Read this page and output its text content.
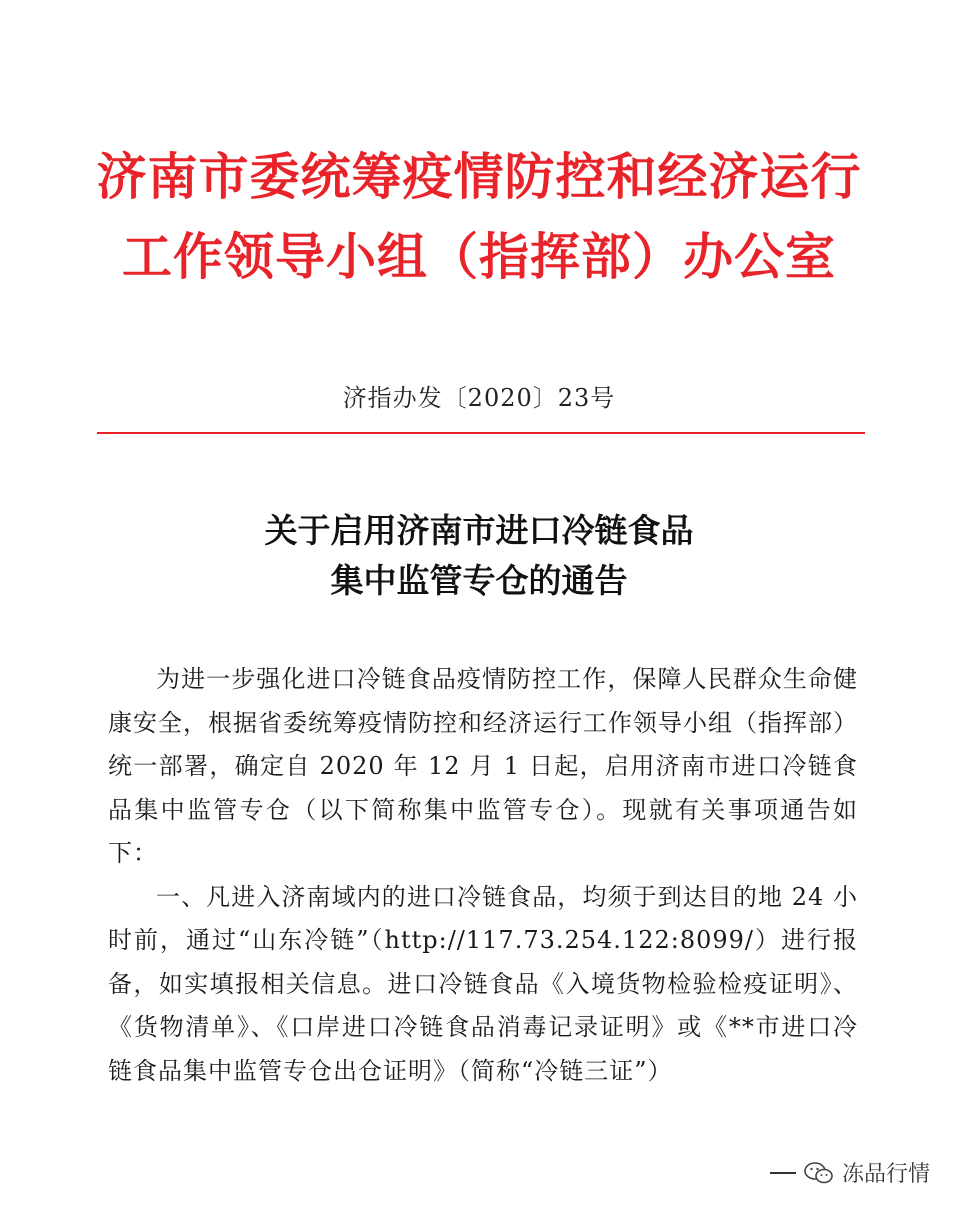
济南市委统筹疫情防控和经济运行
工作领导小组（指挥部）办公室
济指办发〔2020〕23号
关于启用济南市进口冷链食品
集中监管专仓的通告

为进一步强化进口冷链食品疫情防控工作，保障人民群众生命健康安全，根据省委统筹疫情防控和经济运行工作领导小组（指挥部）统一部署，确定自 2020 年 12 月 1 日起，启用济南市进口冷链食品集中监管专仓（以下简称集中监管专仓）。现就有关事项通告如下：

一、凡进入济南域内的进口冷链食品，均须于到达目的地 24 小时前，通过“山东冷链”（http://117.73.254.122:8099/）进行报备，如实填报相关信息。进口冷链食品《入境货物检验检疫证明》、《货物清单》、《口岸进口冷链食品消毒记录证明》或《**市进口冷链食品集中监管专仓出仓证明》（简称“冷链三证”）

冻品行情
